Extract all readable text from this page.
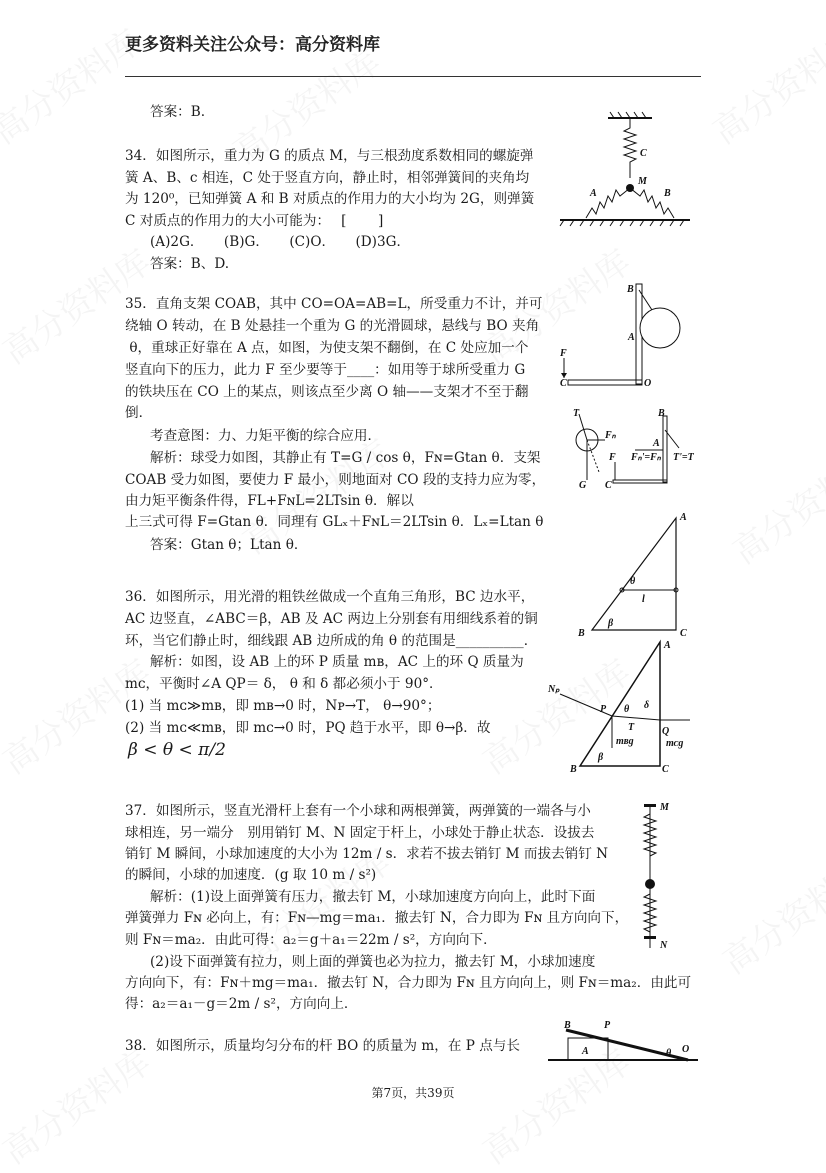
更多资料关注公众号：高分资料库
答案：B.
34．如图所示，重力为 G 的质点 M，与三根劲度系数相同的螺旋弹
簧 A、B、c 相连，C 处于竖直方向，静止时，相邻弹簧间的夹角均
为 120⁰，已知弹簧 A 和 B 对质点的作用力的大小均为 2G，则弹簧
C 对质点的作用力的大小可能为：　 [　　 ]
(A)2G．　　(B)G．　　(C)O．　　(D)3G．
答案：B、D.
35．直角支架 COAB，其中 CO=OA=AB=L，所受重力不计，并可
绕轴 O 转动，在 B 处悬挂一个重为 G 的光滑圆球，悬线与 BO 夹角
θ，重球正好靠在 A 点，如图，为使支架不翻倒，在 C 处应加一个
竖直向下的压力，此力 F 至少要等于____：如用等于球所受重力 G
的铁块压在 CO 上的某点，则该点至少离 O 轴——支架才不至于翻
倒．
考查意图：力、力矩平衡的综合应用．
解析：球受力如图，其静止有 T=G / cos θ，Fɴ=Gtan θ．支架
COAB 受力如图，要使力 F 最小，则地面对 CO 段的支持力应为零，
由力矩平衡条件得，FL+FɴL=2LTsin θ．解以
上三式可得 F=Gtan θ．同理有 GLₓ＋FɴL＝2LTsin θ．Lₓ=Ltan θ
答案：Gtan θ；Ltan θ．
36．如图所示，用光滑的粗铁丝做成一个直角三角形，BC 边水平，
AC 边竖直，∠ABC＝β，AB 及 AC 两边上分别套有用细线系着的铜
环，当它们静止时，细线跟 AB 边所成的角 θ 的范围是__________．
解析：如图，设 AB 上的环 P 质量 mʙ，AC 上的环 Q 质量为
mᴄ，平衡时∠A QP＝ δ， θ 和 δ 都必须小于 90°．
(1) 当 mᴄ≫mʙ，即 mʙ→0 时，Nᴘ→T， θ→90°；
(2) 当 mᴄ≪mʙ，即 mᴄ→0 时，PQ 趋于水平，即 θ→β．故
β < θ < π/2
37．如图所示，竖直光滑杆上套有一个小球和两根弹簧，两弹簧的一端各与小
球相连，另一端分　别用销钉 M、N 固定于杆上，小球处于静止状态．设拔去
销钉 M 瞬间，小球加速度的大小为 12m / s．求若不拔去销钉 M 而拔去销钉 N
的瞬间，小球的加速度．(g 取 10 m / s²)
解析：(1)设上面弹簧有压力，撤去钉 M，小球加速度方向向上，此时下面
弹簧弹力 Fɴ 必向上，有：Fɴ—mg＝ma₁．撤去钉 N，合力即为 Fɴ 且方向向下，
则 Fɴ＝ma₂．由此可得：a₂＝g＋a₁＝22m / s²，方向向下．
(2)设下面弹簧有拉力，则上面的弹簧也必为拉力，撤去钉 M，小球加速度
方向向下，有：Fɴ＋mg＝ma₁．撤去钉 N，合力即为 Fɴ 且方向向上，则 Fɴ＝ma₂．由此可
得：a₂＝a₁－g＝2m / s²，方向向上．
38．如图所示，质量均匀分布的杆 BO 的质量为 m，在 P 点与长
C
M
A	B
F
C	O
B
A
T
Fₙ
G
B
A
T'=T
Fₙ'=Fₙ
F
C
A
B	C
θ
l
β
Nₚ
P θ δ
T
mʙg
Q
mᴄg
B
β
C
A
M
N
A
B	P
θ O
第7页，共39页
